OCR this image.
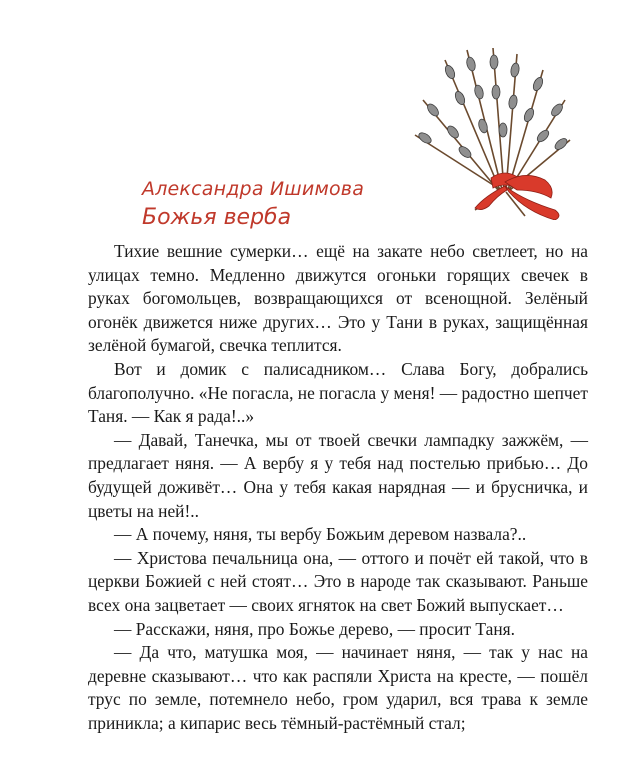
Александра Ишимова
Божья верба

Тихие вешние сумерки… ещё на закате небо светлеет, но на улицах темно. Медленно движутся огоньки горящих свечек в руках богомольцев, возвращающихся от всенощной. Зелёный огонёк движется ниже других… Это у Тани в руках, защищённая зелёной бумагой, свечка теплится.

Вот и домик с палисадником… Слава Богу, добрались благополучно. «Не погасла, не погасла у меня! — радостно шепчет Таня. — Как я рада!..»

— Давай, Танечка, мы от твоей свечки лампадку зажжём, — предлагает няня. — А вербу я у тебя над постелью прибью… До будущей доживёт… Она у тебя какая нарядная — и брусничка, и цветы на ней!..

— А почему, няня, ты вербу Божьим деревом назвала?..

— Христова печальница она, — оттого и почёт ей такой, что в церкви Божией с ней стоят… Это в народе так сказывают. Раньше всех она зацветает — своих ягняток на свет Божий выпускает…

— Расскажи, няня, про Божье дерево, — просит Таня.

— Да что, матушка моя, — начинает няня, — так у нас на деревне сказывают… что как распяли Христа на кресте, — пошёл трус по земле, потемнело небо, гром ударил, вся трава к земле приникла; а кипарис весь тёмный-растёмный стал;
